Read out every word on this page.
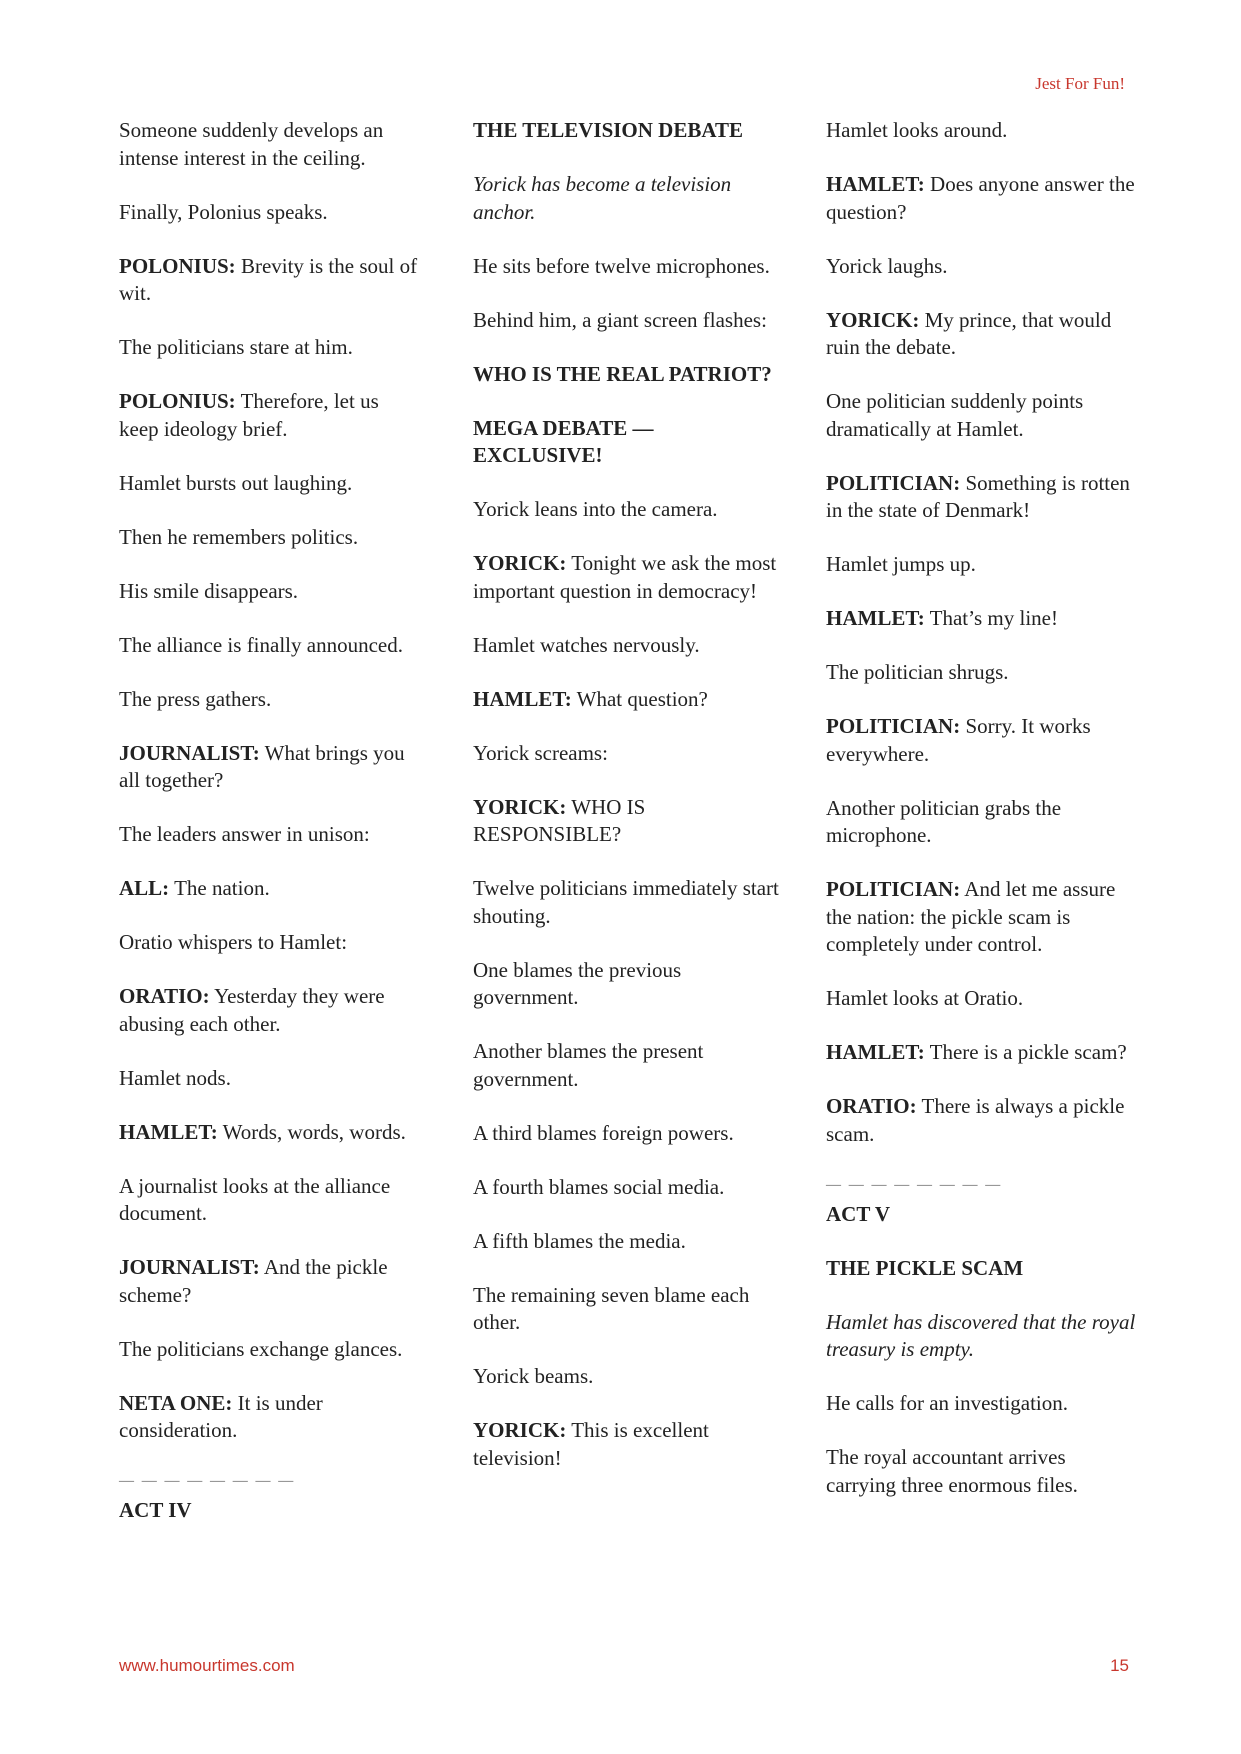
Jest For Fun!
Someone suddenly develops an intense interest in the ceiling.
Finally, Polonius speaks.
POLONIUS: Brevity is the soul of wit.
The politicians stare at him.
POLONIUS: Therefore, let us keep ideology brief.
Hamlet bursts out laughing.
Then he remembers politics.
His smile disappears.
The alliance is finally announced.
The press gathers.
JOURNALIST: What brings you all together?
The leaders answer in unison:
ALL: The nation.
Oratio whispers to Hamlet:
ORATIO: Yesterday they were abusing each other.
Hamlet nods.
HAMLET: Words, words, words.
A journalist looks at the alliance document.
JOURNALIST: And the pickle scheme?
The politicians exchange glances.
NETA ONE: It is under consideration.
— — — — — — — —
ACT IV
THE TELEVISION DEBATE
Yorick has become a television anchor.
He sits before twelve microphones.
Behind him, a giant screen flashes:
WHO IS THE REAL PATRIOT?
MEGA DEBATE — EXCLUSIVE!
Yorick leans into the camera.
YORICK: Tonight we ask the most important question in democracy!
Hamlet watches nervously.
HAMLET: What question?
Yorick screams:
YORICK: WHO IS RESPONSIBLE?
Twelve politicians immediately start shouting.
One blames the previous government.
Another blames the present government.
A third blames foreign powers.
A fourth blames social media.
A fifth blames the media.
The remaining seven blame each other.
Yorick beams.
YORICK: This is excellent television!
Hamlet looks around.
HAMLET: Does anyone answer the question?
Yorick laughs.
YORICK: My prince, that would ruin the debate.
One politician suddenly points dramatically at Hamlet.
POLITICIAN: Something is rotten in the state of Denmark!
Hamlet jumps up.
HAMLET: That’s my line!
The politician shrugs.
POLITICIAN: Sorry. It works everywhere.
Another politician grabs the microphone.
POLITICIAN: And let me assure the nation: the pickle scam is completely under control.
Hamlet looks at Oratio.
HAMLET: There is a pickle scam?
ORATIO: There is always a pickle scam.
— — — — — — — —
ACT V
THE PICKLE SCAM
Hamlet has discovered that the royal treasury is empty.
He calls for an investigation.
The royal accountant arrives carrying three enormous files.
www.humourtimes.com	15
